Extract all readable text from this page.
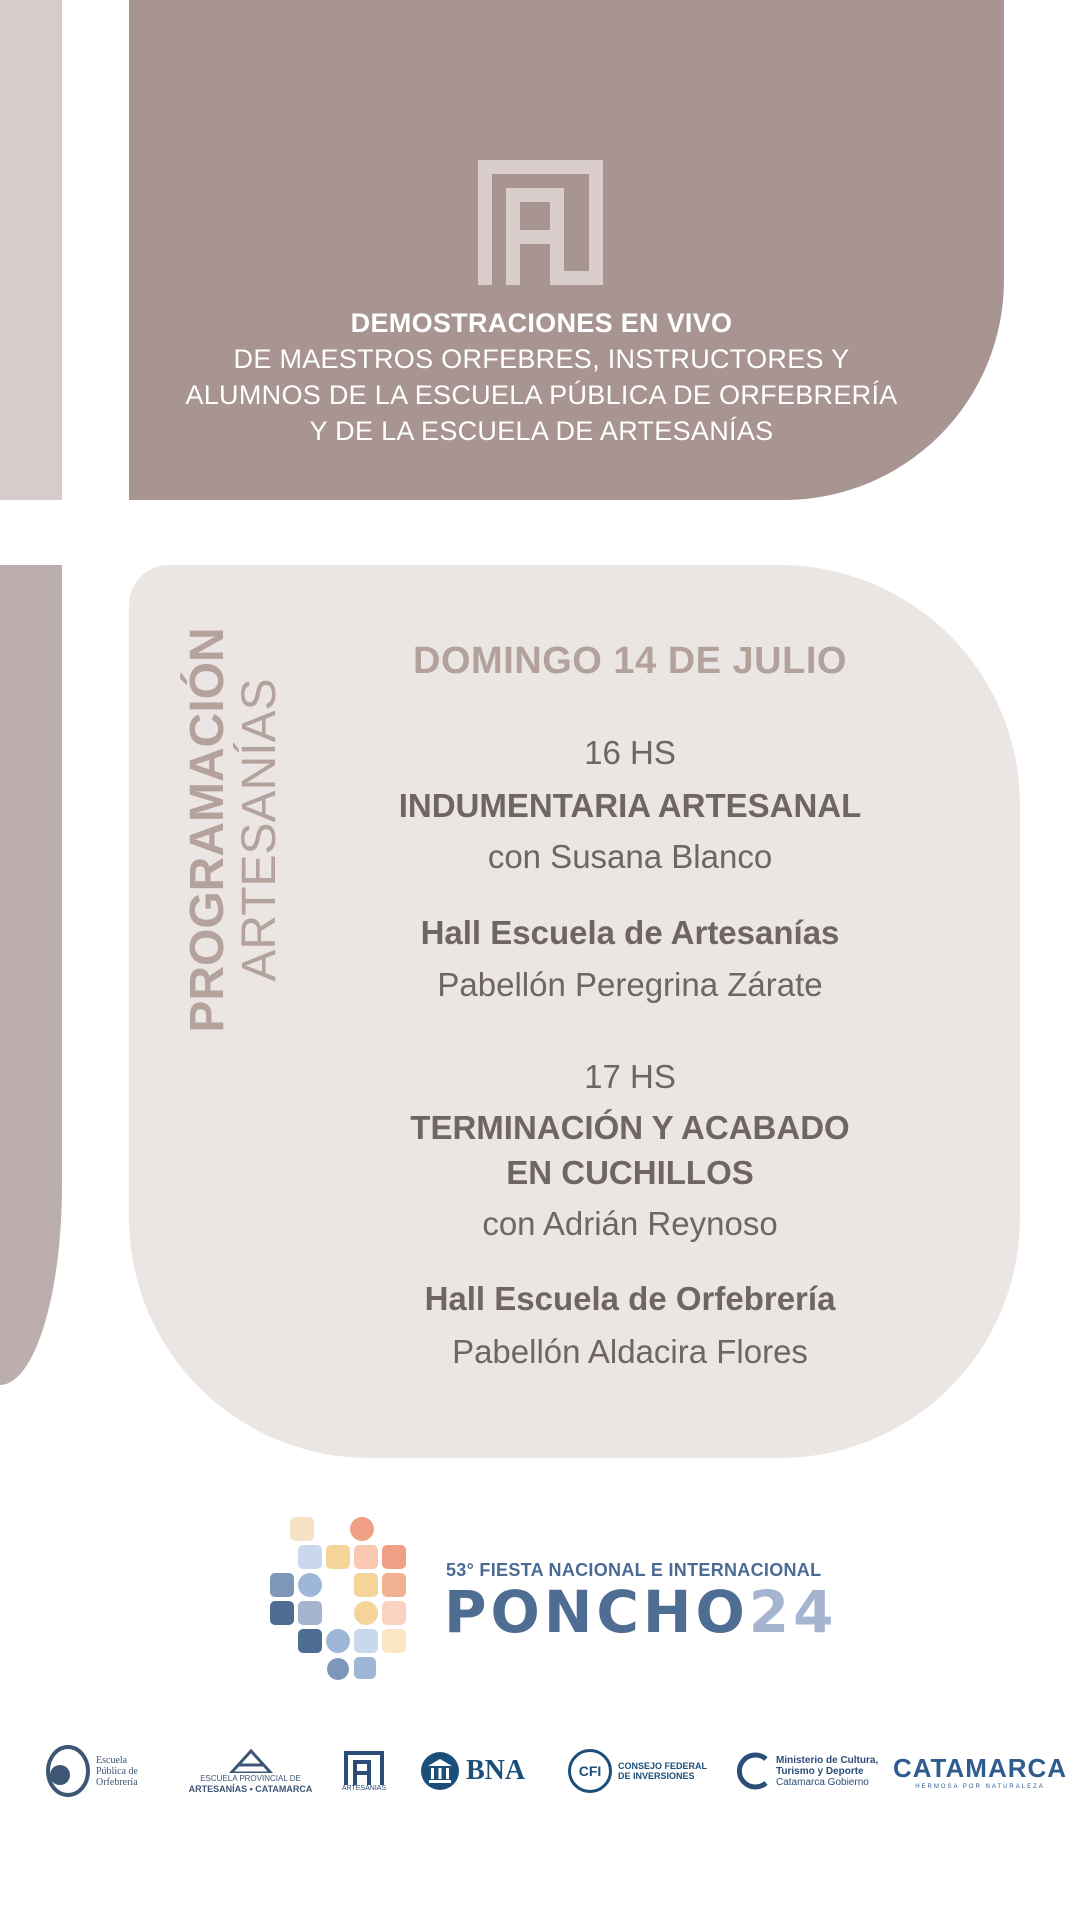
DEMOSTRACIONES EN VIVO
DE MAESTROS ORFEBRES, INSTRUCTORES Y
ALUMNOS DE LA ESCUELA PÚBLICA DE ORFEBRERÍA
Y DE LA ESCUELA DE ARTESANÍAS
PROGRAMACIÓN ARTESANÍAS
DOMINGO 14 DE JULIO
16 HS
INDUMENTARIA ARTESANAL
con Susana Blanco
Hall Escuela de Artesanías
Pabellón Peregrina Zárate
17 HS
TERMINACIÓN Y ACABADO
EN CUCHILLOS
con Adrián Reynoso
Hall Escuela de Orfebrería
Pabellón Aldacira Flores
53° FIESTA NACIONAL E INTERNACIONAL
PONCHO24
Escuela
Pública de
Orfebrería	ESCUELA PROVINCIAL DE
ARTESANÍAS • CATAMARCA	ARTESANIAS
BNA	CFI CONSEJO FEDERAL
DE INVERSIONES
Ministerio de Cultura,
Turismo y Deporte
Catamarca Gobierno CATAMARCA
HERMOSA POR NATURALEZA
